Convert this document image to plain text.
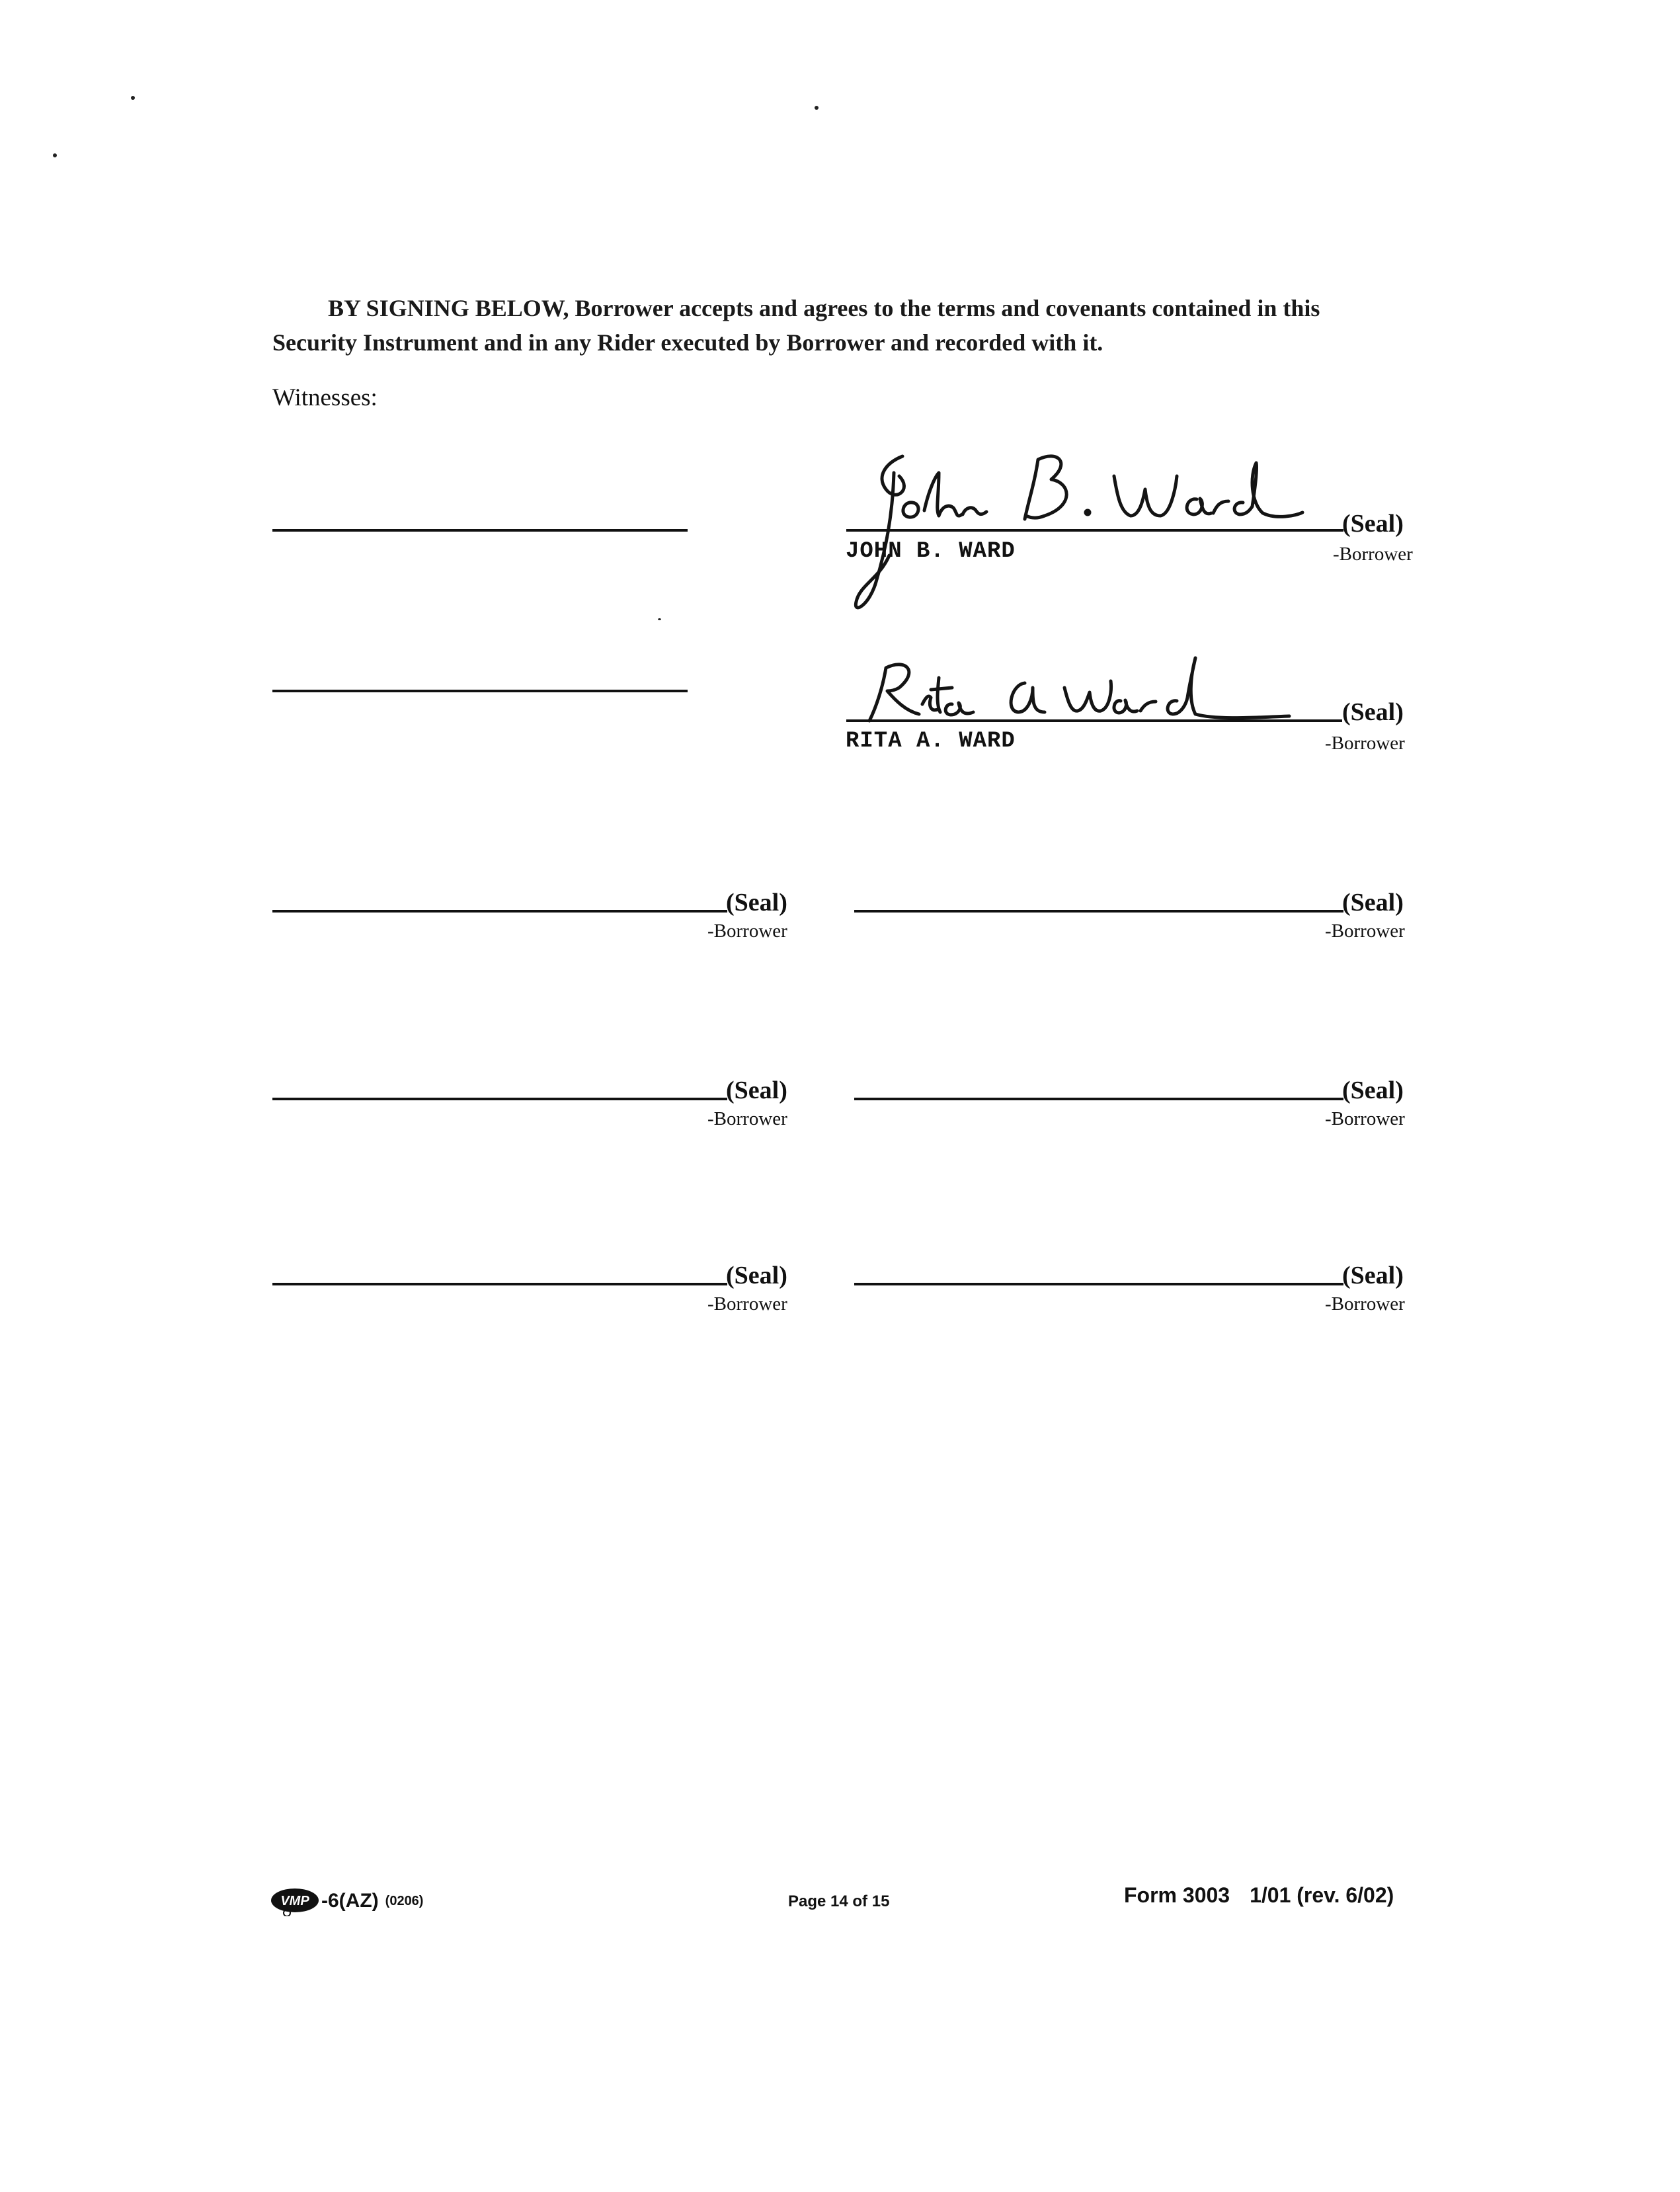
BY SIGNING BELOW, Borrower accepts and agrees to the terms and covenants contained in this Security Instrument and in any Rider executed by Borrower and recorded with it.
Witnesses:
(Seal)
JOHN B. WARD	-Borrower
(Seal)
RITA A. WARD	-Borrower
(Seal)
-Borrower
(Seal)
-Borrower
(Seal)
-Borrower
(Seal)
-Borrower
(Seal)
-Borrower
(Seal)
-Borrower
VMP -6(AZ) (0206)	Page 14 of 15	Form 3003 1/01 (rev. 6/02)
